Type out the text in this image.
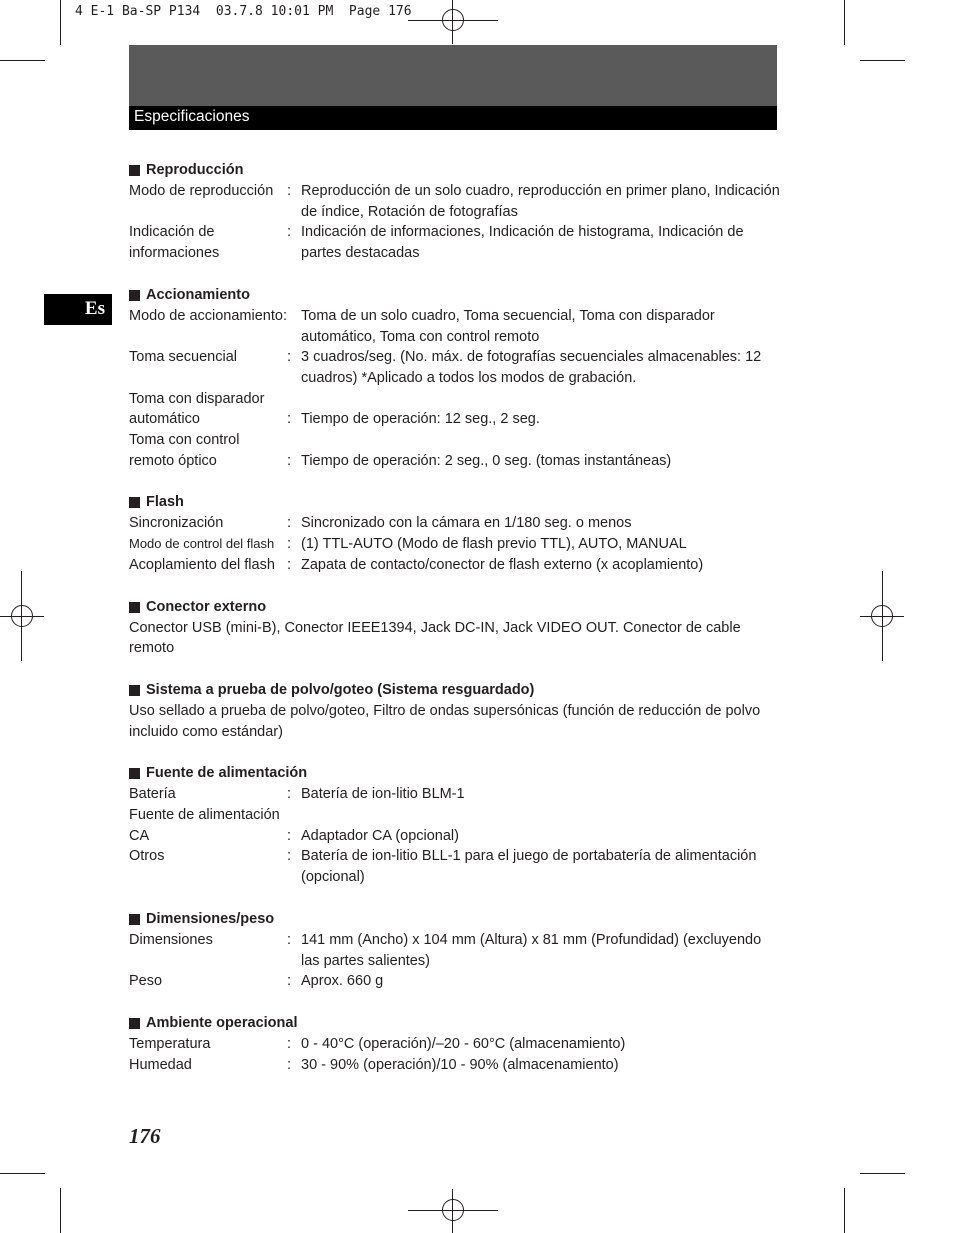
4 E-1 Ba-SP P134  03.7.8 10:01 PM  Page 176
Especificaciones
Es
Reproducción
Modo de reproducción : Reproducción de un solo cuadro, reproducción en primer plano, Indicación de índice, Rotación de fotografías
Indicación de
informaciones
: Indicación de informaciones, Indicación de histograma, Indicación de partes destacadas
Accionamiento
Modo de accionamiento: Toma de un solo cuadro, Toma secuencial, Toma con disparador automático, Toma con control remoto
Toma secuencial	: 3 cuadros/seg. (No. máx. de fotografías secuenciales almacenables: 12 cuadros) *Aplicado a todos los modos de grabación.
Toma con disparador
automático	: Tiempo de operación: 12 seg., 2 seg.
Toma con control
remoto óptico	: Tiempo de operación: 2 seg., 0 seg. (tomas instantáneas)
Flash
Sincronización	: Sincronizado con la cámara en 1/180 seg. o menos
Modo de control del flash : (1) TTL-AUTO (Modo de flash previo TTL), AUTO, MANUAL
Acoplamiento del flash : Zapata de contacto/conector de flash externo (x acoplamiento)
Conector externo
Conector USB (mini-B), Conector IEEE1394, Jack DC-IN, Jack VIDEO OUT. Conector de cable remoto
Sistema a prueba de polvo/goteo (Sistema resguardado)
Uso sellado a prueba de polvo/goteo, Filtro de ondas supersónicas (función de reducción de polvo incluido como estándar)
Fuente de alimentación
Batería	: Batería de ion-litio BLM-1
Fuente de alimentación
CA	: Adaptador CA (opcional)
Otros	: Batería de ion-litio BLL-1 para el juego de portabatería de alimentación (opcional)
Dimensiones/peso
Dimensiones	: 141 mm (Ancho) x 104 mm (Altura) x 81 mm (Profundidad) (excluyendo las partes salientes)
Peso	: Aprox. 660 g
Ambiente operacional
Temperatura	: 0 - 40°C (operación)/–20 - 60°C (almacenamiento)
Humedad	: 30 - 90% (operación)/10 - 90% (almacenamiento)
176
